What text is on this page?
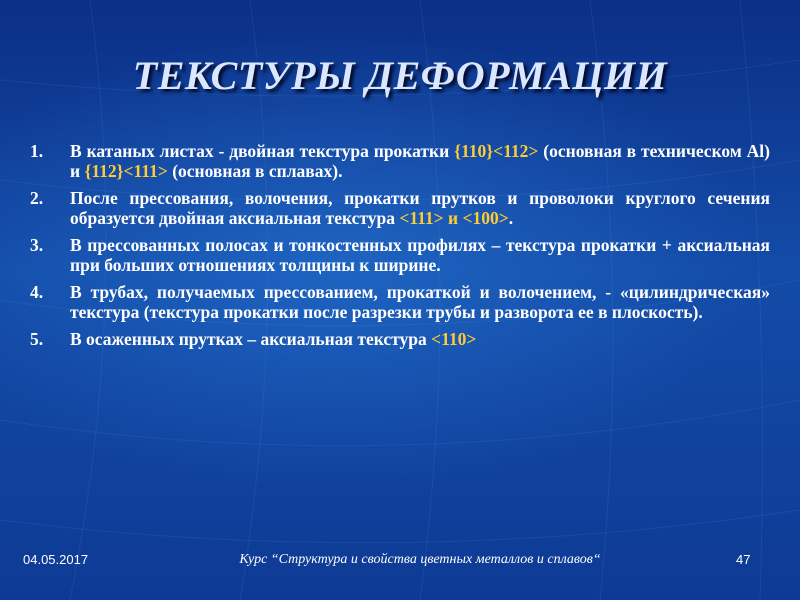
ТЕКСТУРЫ ДЕФОРМАЦИИ
1. В катаных листах - двойная текстура прокатки {110}<112> (основная в техническом Al) и {112}<111> (основная в сплавах).
2. После прессования, волочения, прокатки прутков и проволоки круглого сечения образуется двойная аксиальная текстура <111> и <100>.
3. В прессованных полосах и тонкостенных профилях – текстура прокатки + аксиальная при больших отношениях толщины к ширине.
4. В трубах, получаемых прессованием, прокаткой и волочением, - «цилиндрическая» текстура (текстура прокатки после разрезки трубы и разворота ее в плоскость).
5. В осаженных прутках – аксиальная текстура <110>
04.05.2017	Курс “Структура и свойства цветных металлов и сплавов“	47
